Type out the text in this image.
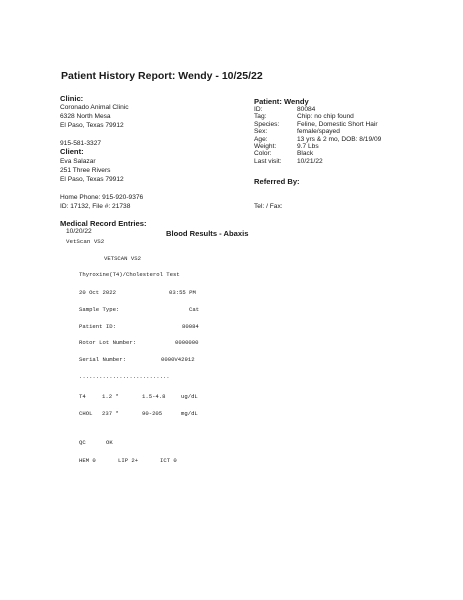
Patient History Report: Wendy - 10/25/22
Clinic:
Coronado Animal Clinic
6328 North Mesa
El Paso, Texas 79912
915-581-3327
Client:
Eva Salazar
251 Three Rivers
El Paso, Texas 79912
Home Phone: 915-920-9376
ID: 17132, File #: 21738
Patient: Wendy
ID:	80084
Tag:	Chip: no chip found
Species:	Feline, Domestic Short Hair
Sex:	female/spayed
Age:	13 yrs & 2 mo, DOB: 8/19/09
Weight:	9.7 Lbs
Color:	Black
Last visit: 10/21/22
Referred By:
Tel: / Fax:
Medical Record Entries:
10/20/22	Blood Results - Abaxis
VetScan VS2
VETSCAN VS2
Thyroxine(T4)/Cholesterol Test
20 Oct 2022	03:55 PM
Sample Type:	Cat
Patient ID:	80084
Rotor Lot Number:	0000000
Serial Number:	0000V42912
...........................
T4	1.2 *	1.5-4.8	ug/dL
CHOL 237 *	90-205	mg/dL
QC	OK
HEM 0	LIP 2+	ICT 0
